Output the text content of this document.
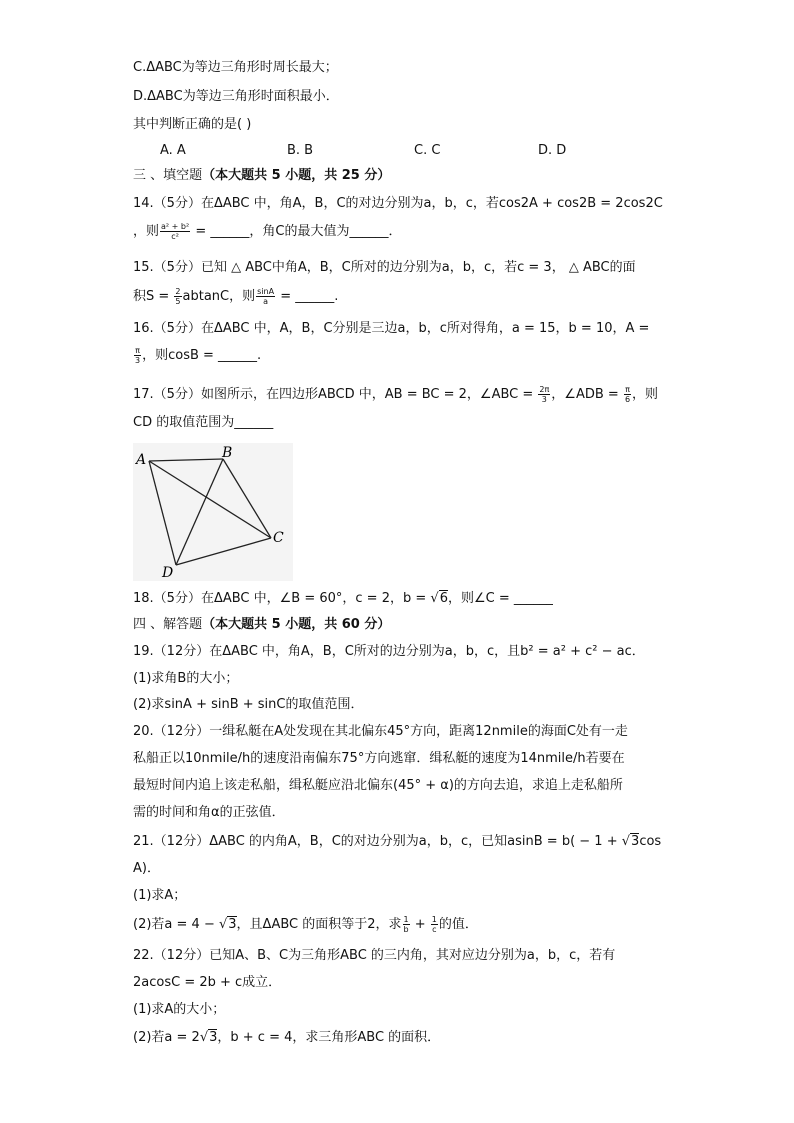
C.ΔABC为等边三角形时周长最大；
D.ΔABC为等边三角形时面积最小．
其中判断正确的是( )
A. A	B. B	C. C	D. D
三 、填空题（本大题共 5 小题，共 25 分）
14.（5分）在ΔABC 中，角A，B，C的对边分别为a，b，c，若cos2A + cos2B = 2cos2C
，则 $\frac{\text{a² + b²}}{\text{c²}}$ = ______，角C的最大值为______．
15.（5分）已知 △ ABC中角A，B，C所对的边分别为a，b，c，若c = 3， △ ABC的面
积$S = \frac{2}{5}$ abtanC，则 $\frac{\sin A}{a}$ = ______.
16.（5分）在ΔABC 中，A，B，C分别是三边a，b，c所对得角，a = 15，b = 10，A =
$\frac{\pi}{3}$ ，则cosB = ______.
17.（5分）如图所示，在四边形ABCD 中，AB = BC = 2，∠ABC = $\frac{2\pi}{3}$ ，∠ADB = $\frac{\pi}{6}$ ，则
CD 的取值范围为______
A	B
C
D
18.（5分）在ΔABC 中，∠B = 60°，c = 2，b = √6，则∠C = ______
四 、解答题（本大题共 5 小题，共 60 分）
19.（12分）在ΔABC 中，角A，B，C所对的边分别为a，b，c，且b² = a² + c² − ac．
(1)求角B的大小；
(2)求sinA + sinB + sinC的取值范围．
20.（12分）一缉私艇在A处发现在其北偏东45°方向，距离12nmile的海面C处有一走
私船正以10nmile/h的速度沿南偏东75°方向逃窜．缉私艇的速度为14nmile/h若要在
最短时间内追上该走私船，缉私艇应沿北偏东(45° + α)的方向去追，求追上走私船所
需的时间和角α的正弦值．
21.（12分）ΔABC 的内角A，B，C的对边分别为a，b，c，已知asinB = b( − 1 + √3cos
A)．
(1)求A；
(2)若a = 4 − √3，且ΔABC 的面积等于2，求 $\frac{1}{b} + \frac{1}{c}$ 的值．
22.（12分）已知A、B、C为三角形ABC 的三内角，其对应边分别为a，b，c，若有
2acosC = 2b + c成立．
(1)求A的大小；
(2)若a = 2√3，b + c = 4，求三角形ABC 的面积．
